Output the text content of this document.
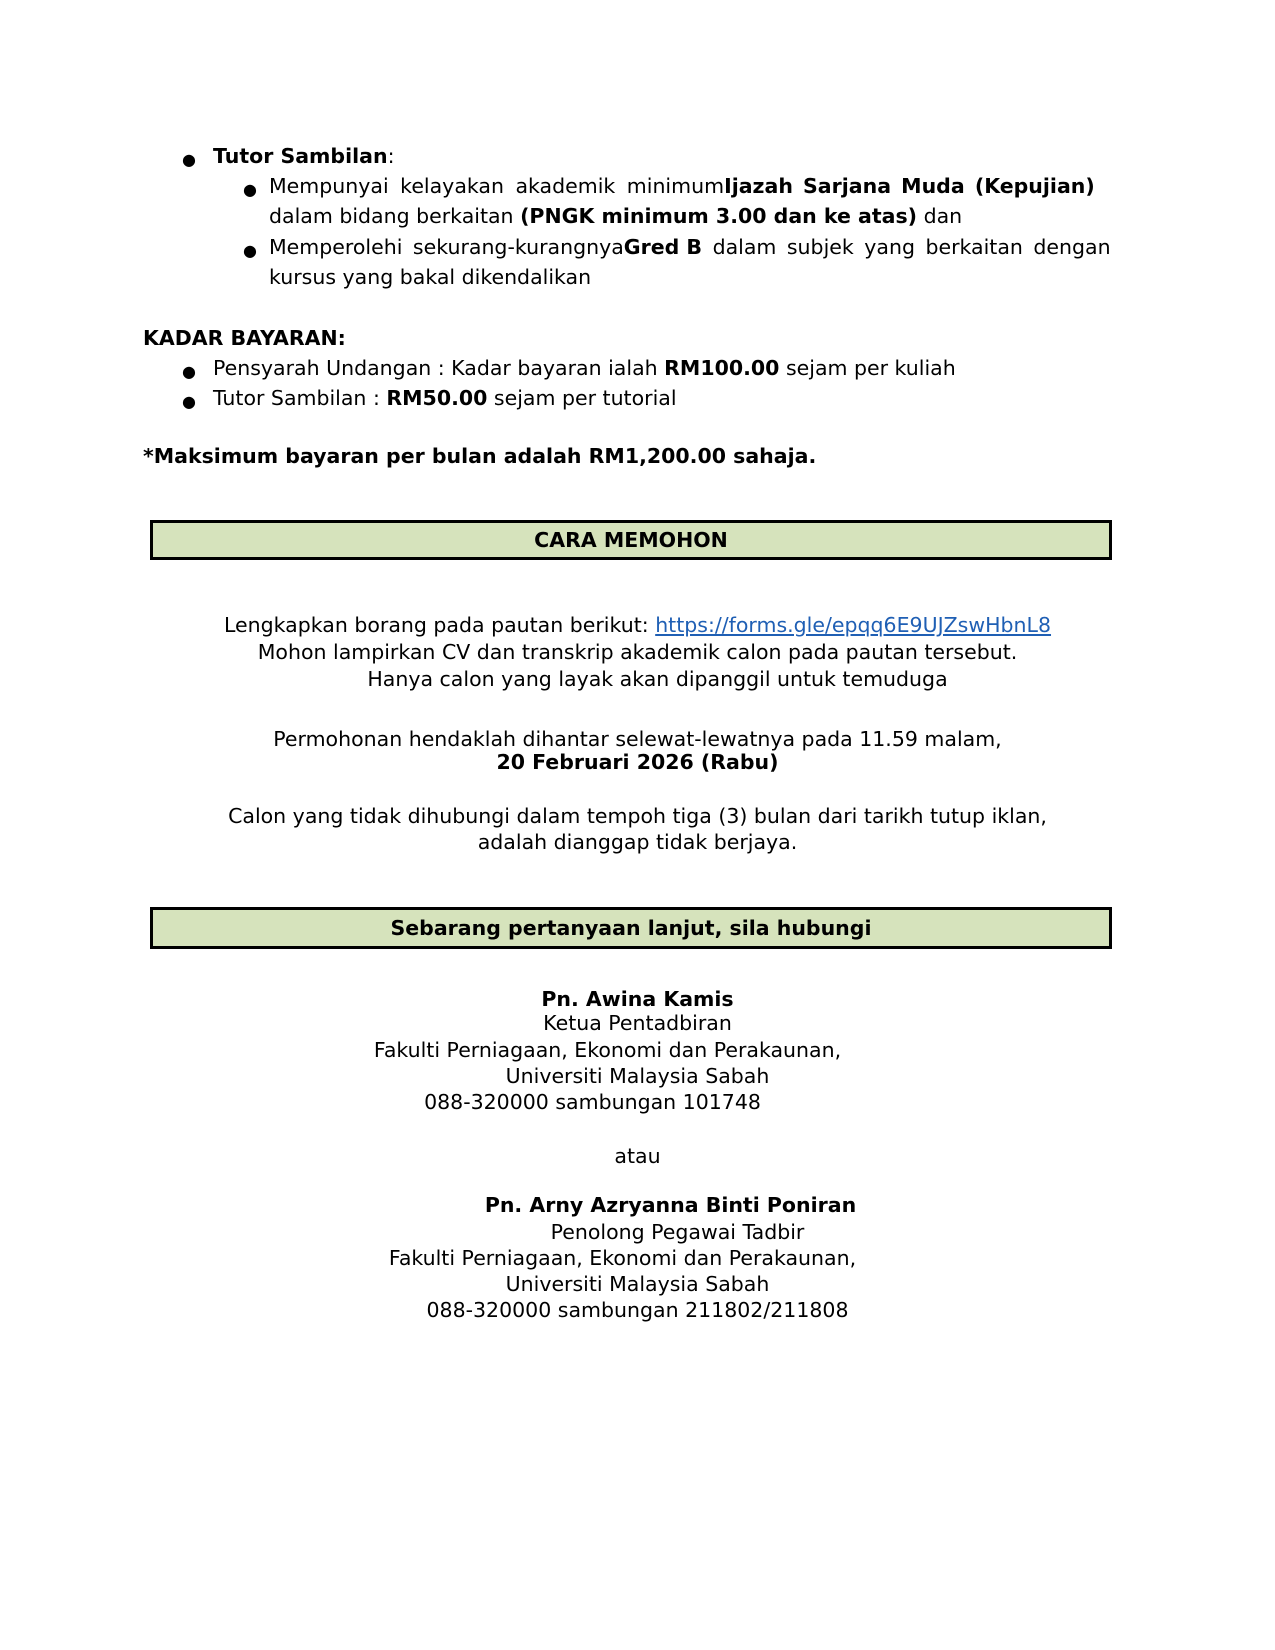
● Tutor Sambilan:
● Mempunyai kelayakan akademik minimum Ijazah Sarjana Muda (Kepujian)
dalam bidang berkaitan (PNGK minimum 3.00 dan ke atas) dan
● Memperolehi sekurang-kurangnya Gred B dalam subjek yang berkaitan dengan
kursus yang bakal dikendalikan
KADAR BAYARAN:
● Pensyarah Undangan : Kadar bayaran ialah RM100.00 sejam per kuliah
● Tutor Sambilan : RM50.00 sejam per tutorial
*Maksimum bayaran per bulan adalah RM1,200.00 sahaja.
CARA MEMOHON
Lengkapkan borang pada pautan berikut: https://forms.gle/epqq6E9UJZswHbnL8
Mohon lampirkan CV dan transkrip akademik calon pada pautan tersebut.
Hanya calon yang layak akan dipanggil untuk temuduga
Permohonan hendaklah dihantar selewat-lewatnya pada 11.59 malam,
20 Februari 2026 (Rabu)
Calon yang tidak dihubungi dalam tempoh tiga (3) bulan dari tarikh tutup iklan,
adalah dianggap tidak berjaya.
Sebarang pertanyaan lanjut, sila hubungi
Pn. Awina Kamis
Ketua Pentadbiran
Fakulti Perniagaan, Ekonomi dan Perakaunan,
Universiti Malaysia Sabah
088-320000 sambungan 101748
atau
Pn. Arny Azryanna Binti Poniran
Penolong Pegawai Tadbir
Fakulti Perniagaan, Ekonomi dan Perakaunan,
Universiti Malaysia Sabah
088-320000 sambungan 211802/211808
